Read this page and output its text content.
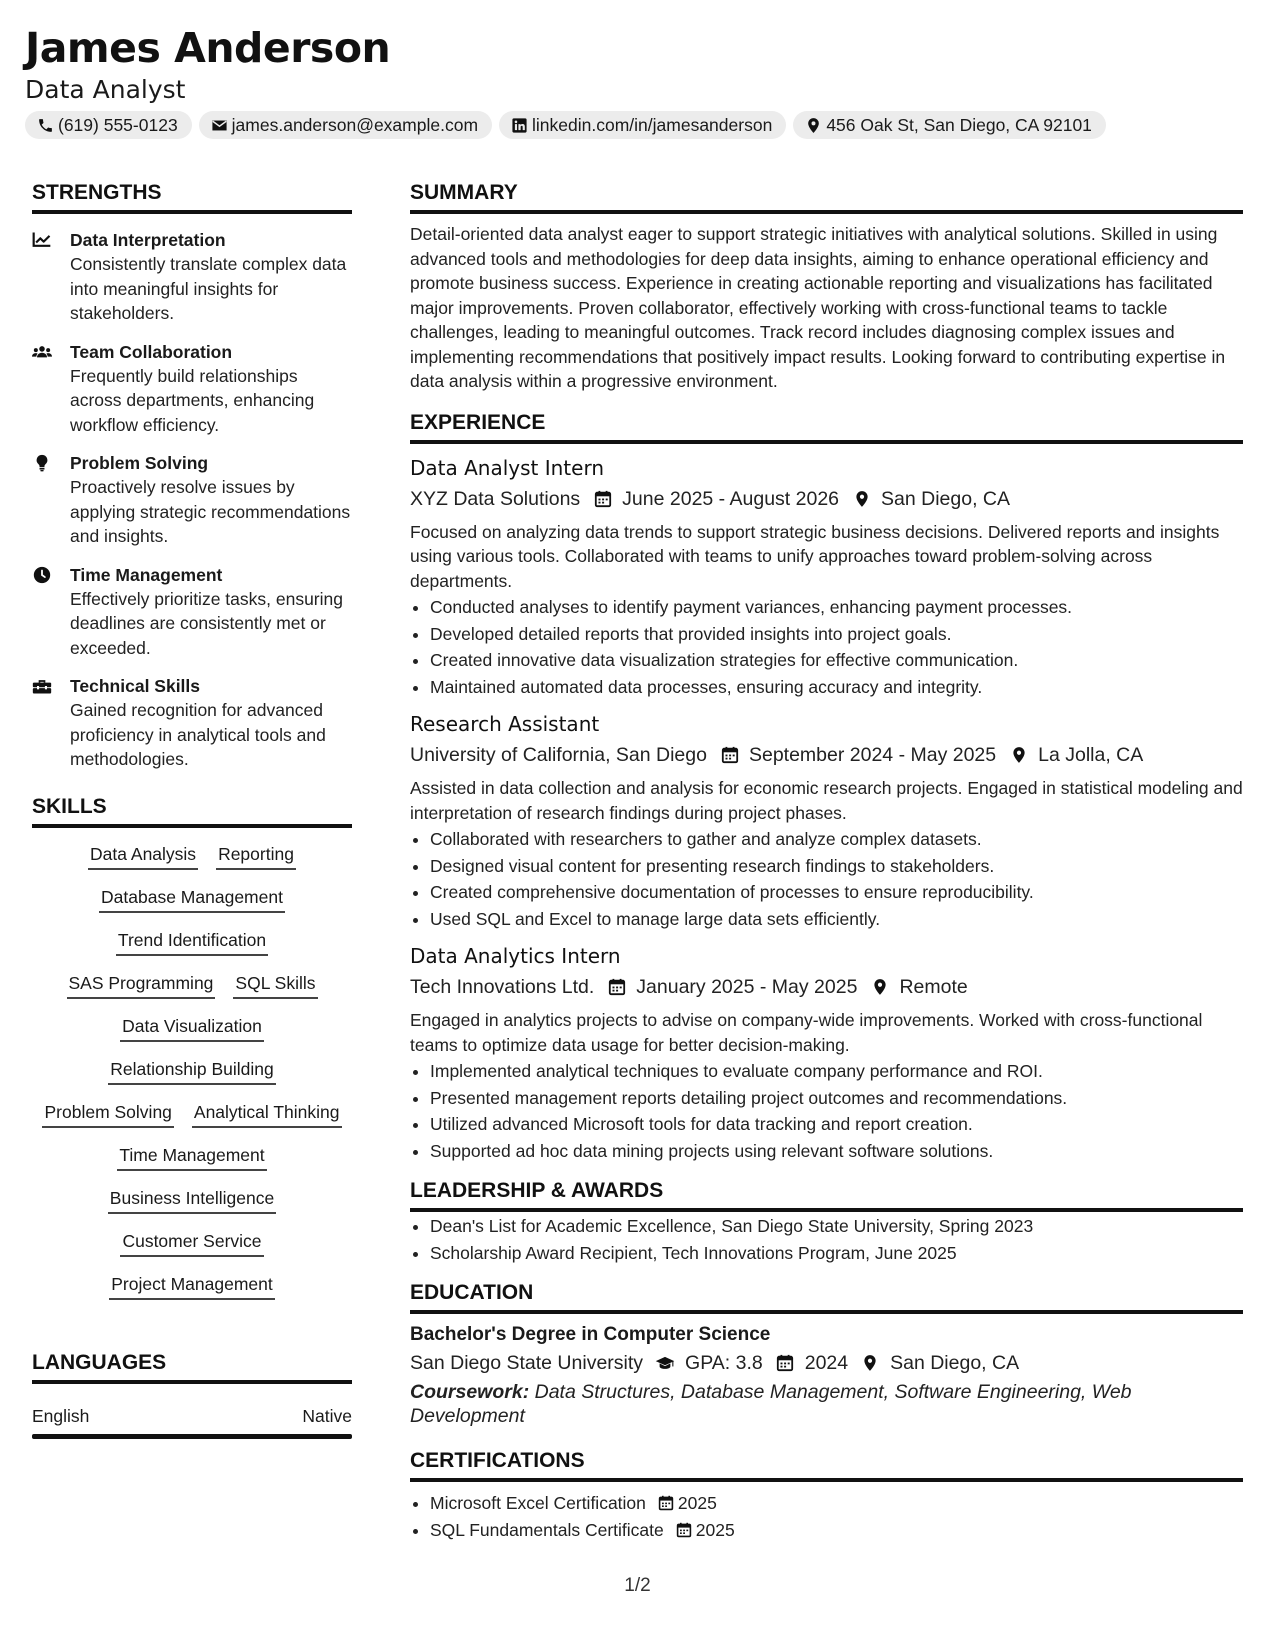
James Anderson
Data Analyst
(619) 555-0123	james.anderson@example.com	linkedin.com/in/jamesanderson	456 Oak St, San Diego, CA 92101
STRENGTHS
Data Interpretation
Consistently translate complex data into meaningful insights for stakeholders.
Team Collaboration
Frequently build relationships across departments, enhancing workflow efficiency.
Problem Solving
Proactively resolve issues by applying strategic recommendations and insights.
Time Management
Effectively prioritize tasks, ensuring deadlines are consistently met or exceeded.
Technical Skills
Gained recognition for advanced proficiency in analytical tools and methodologies.
SKILLS
Data Analysis Reporting
Database Management
Trend Identification
SAS Programming SQL Skills
Data Visualization
Relationship Building
Problem Solving Analytical Thinking
Time Management
Business Intelligence
Customer Service
Project Management
LANGUAGES
English	Native
SUMMARY
Detail-oriented data analyst eager to support strategic initiatives with analytical solutions. Skilled in using advanced tools and methodologies for deep data insights, aiming to enhance operational efficiency and promote business success. Experience in creating actionable reporting and visualizations has facilitated major improvements. Proven collaborator, effectively working with cross-functional teams to tackle challenges, leading to meaningful outcomes. Track record includes diagnosing complex issues and implementing recommendations that positively impact results. Looking forward to contributing expertise in data analysis within a progressive environment.
EXPERIENCE
Data Analyst Intern
XYZ Data Solutions June 2025 - August 2026 San Diego, CA
Focused on analyzing data trends to support strategic business decisions. Delivered reports and insights using various tools. Collaborated with teams to unify approaches toward problem-solving across departments.
• Conducted analyses to identify payment variances, enhancing payment processes.
• Developed detailed reports that provided insights into project goals.
• Created innovative data visualization strategies for effective communication.
• Maintained automated data processes, ensuring accuracy and integrity.
Research Assistant
University of California, San Diego September 2024 - May 2025 La Jolla, CA
Assisted in data collection and analysis for economic research projects. Engaged in statistical modeling and interpretation of research findings during project phases.
• Collaborated with researchers to gather and analyze complex datasets.
• Designed visual content for presenting research findings to stakeholders.
• Created comprehensive documentation of processes to ensure reproducibility.
• Used SQL and Excel to manage large data sets efficiently.
Data Analytics Intern
Tech Innovations Ltd. January 2025 - May 2025 Remote
Engaged in analytics projects to advise on company-wide improvements. Worked with cross-functional teams to optimize data usage for better decision-making.
• Implemented analytical techniques to evaluate company performance and ROI.
• Presented management reports detailing project outcomes and recommendations.
• Utilized advanced Microsoft tools for data tracking and report creation.
• Supported ad hoc data mining projects using relevant software solutions.
LEADERSHIP & AWARDS
• Dean's List for Academic Excellence, San Diego State University, Spring 2023
• Scholarship Award Recipient, Tech Innovations Program, June 2025
EDUCATION
Bachelor's Degree in Computer Science
San Diego State University GPA: 3.8 2024 San Diego, CA
Coursework: Data Structures, Database Management, Software Engineering, Web Development
CERTIFICATIONS
• Microsoft Excel Certification 2025
• SQL Fundamentals Certificate 2025
1/2
